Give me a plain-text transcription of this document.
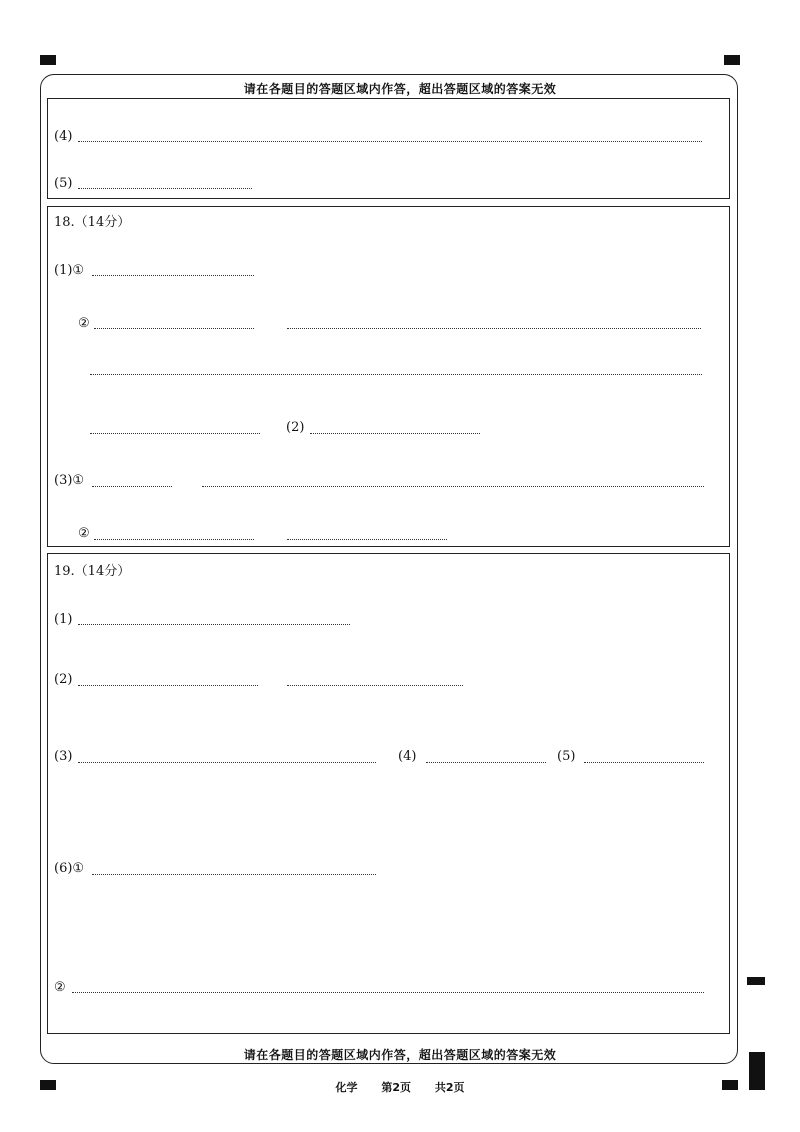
请在各题目的答题区域内作答，超出答题区域的答案无效
请在各题目的答题区域内作答，超出答题区域的答案无效
(4)
(5)
18.（14分）
(1)①
②
(2)
(3)①
②
19.（14分）
(1)
(2)
(3)	(4)	(5)
(6)①
②
化学 第2页 共2页
